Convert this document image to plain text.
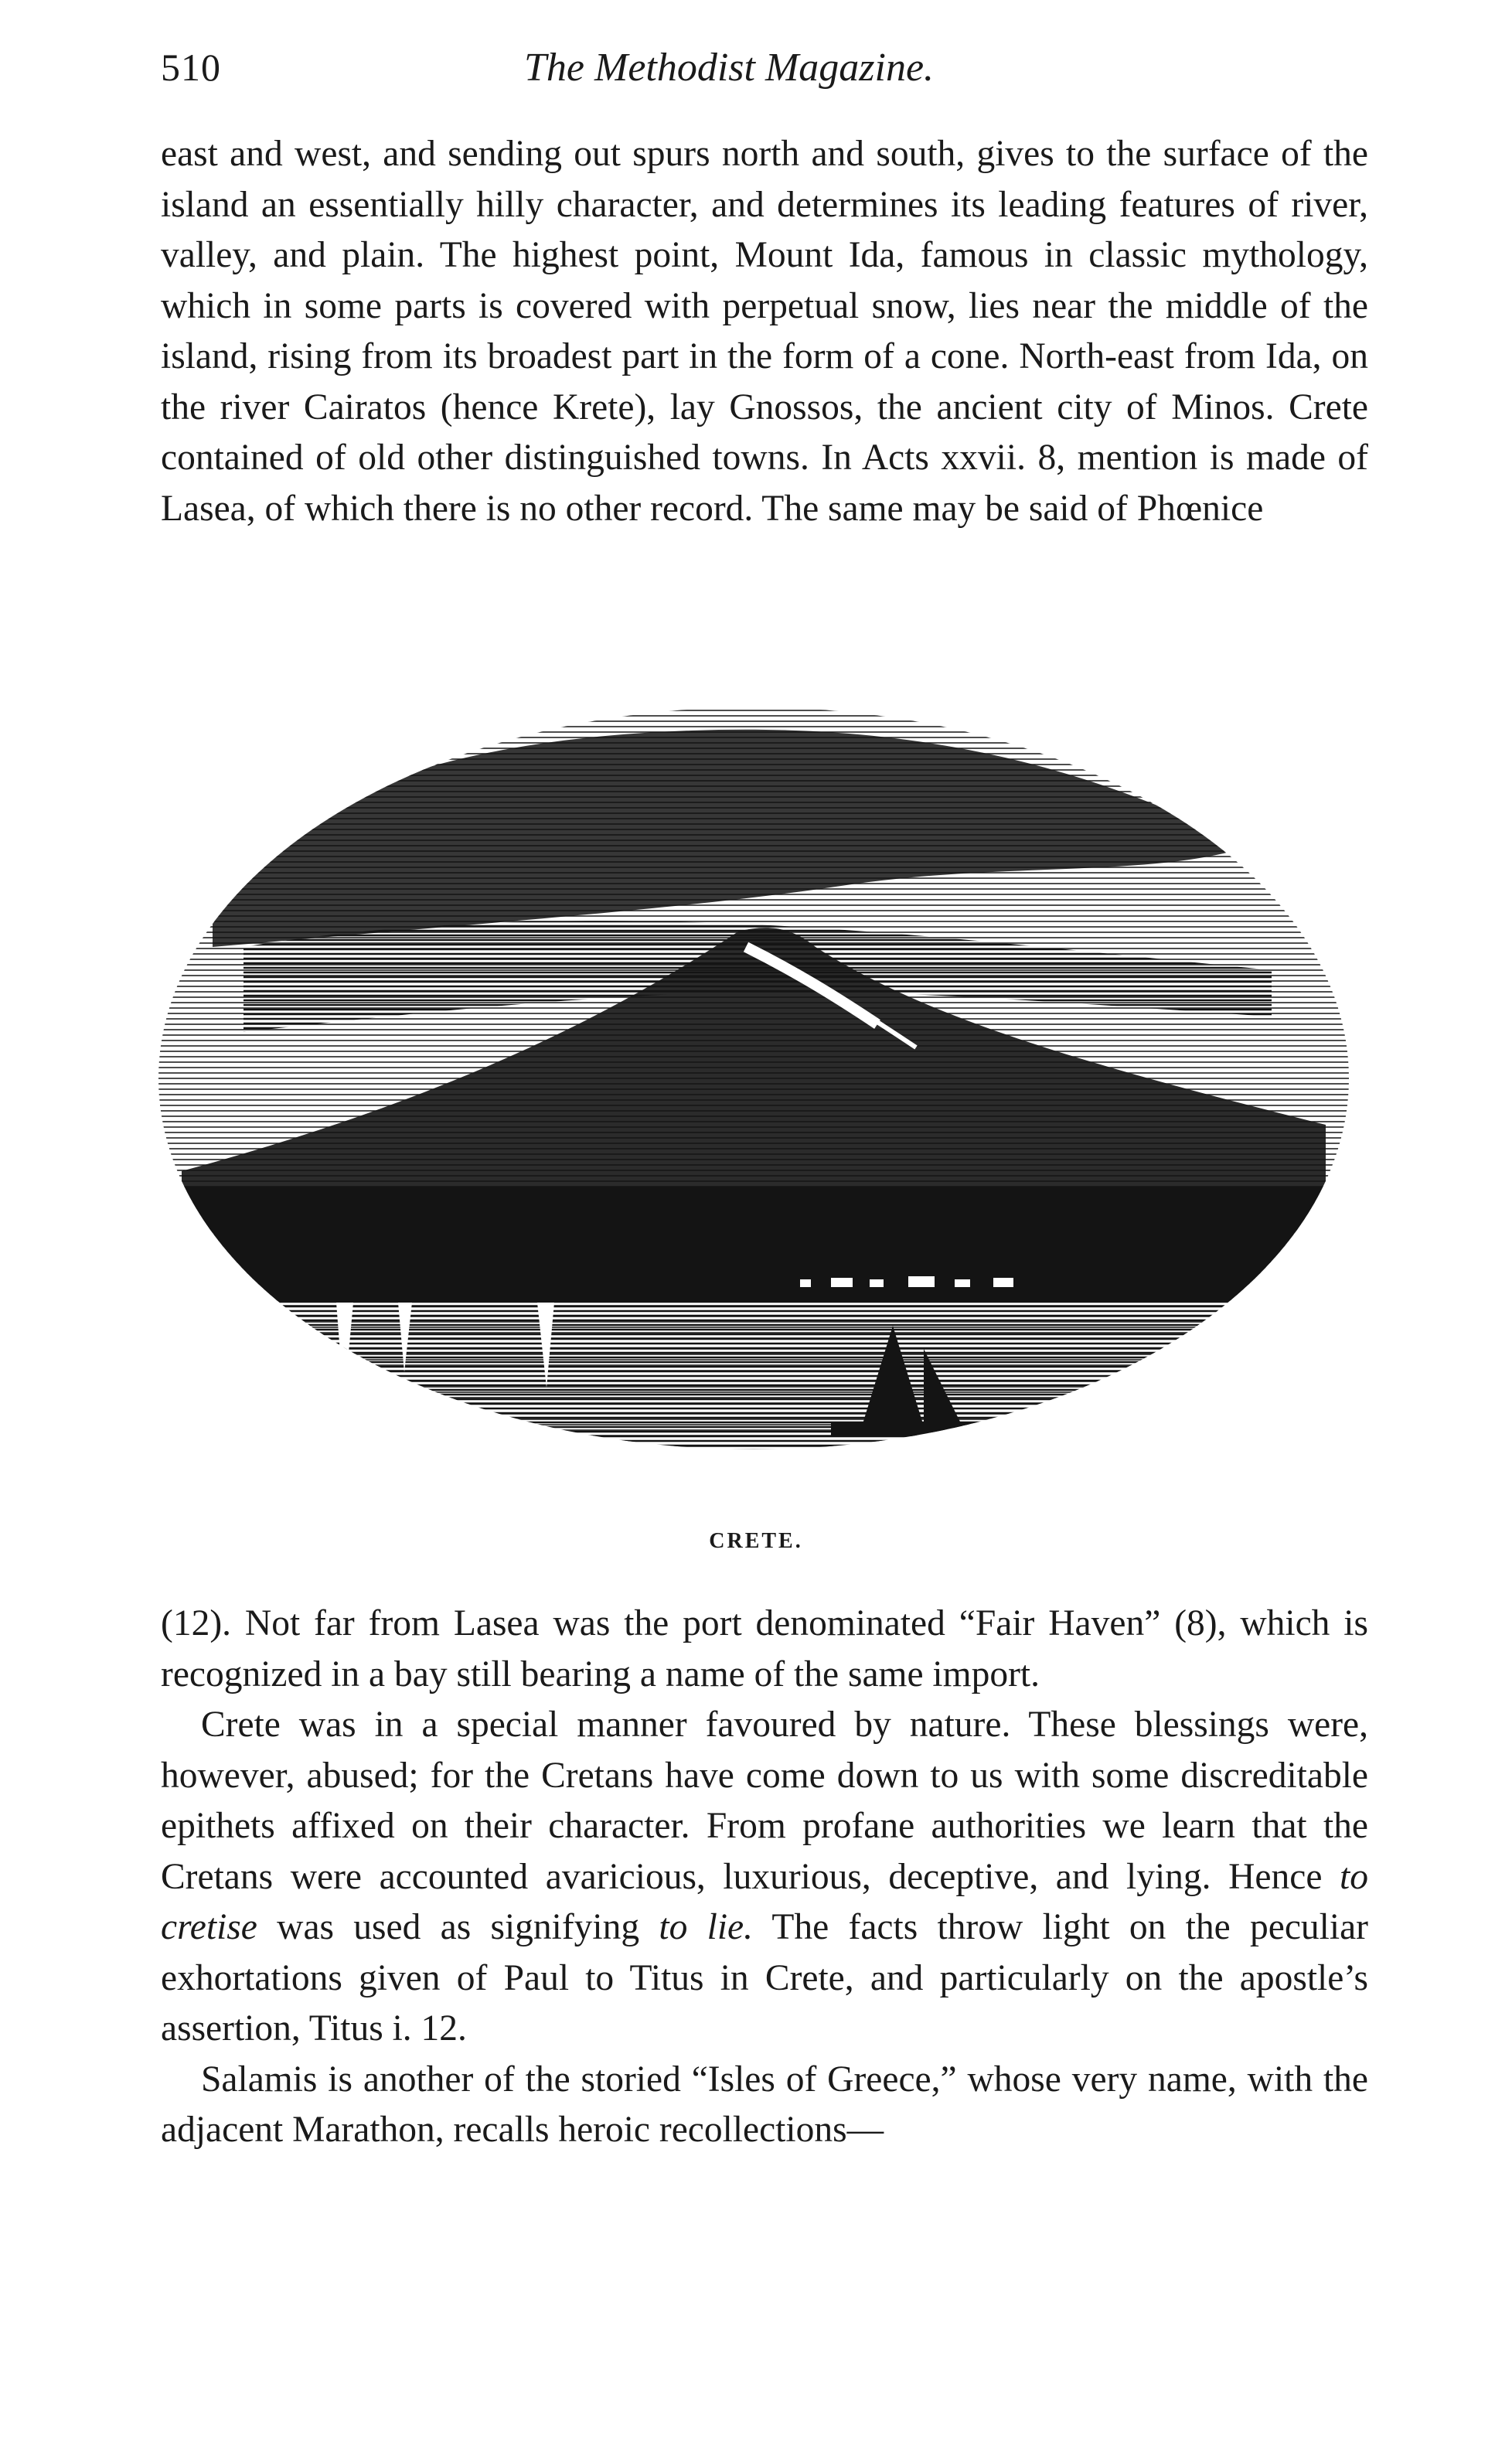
510	The Methodist Magazine.

east and west, and sending out spurs north and south, gives to the surface of the island an essentially hilly character, and determines its leading features of river, valley, and plain. The highest point, Mount Ida, famous in classic mythology, which in some parts is covered with perpetual snow, lies near the middle of the island, rising from its broadest part in the form of a cone. North-east from Ida, on the river Cairatos (hence Krete), lay Gnossos, the ancient city of Minos. Crete contained of old other distinguished towns. In Acts xxvii. 8, mention is made of Lasea, of which there is no other record. The same may be said of Phœnice

CRETE.

(12). Not far from Lasea was the port denominated “Fair Haven” (8), which is recognized in a bay still bearing a name of the same import.

Crete was in a special manner favoured by nature. These blessings were, however, abused; for the Cretans have come down to us with some discreditable epithets affixed on their character. From profane authorities we learn that the Cretans were accounted avaricious, luxurious, deceptive, and lying. Hence to cretise was used as signifying to lie. The facts throw light on the peculiar exhortations given of Paul to Titus in Crete, and particularly on the apostle’s assertion, Titus i. 12.

Salamis is another of the storied “Isles of Greece,” whose very name, with the adjacent Marathon, recalls heroic recollections—
